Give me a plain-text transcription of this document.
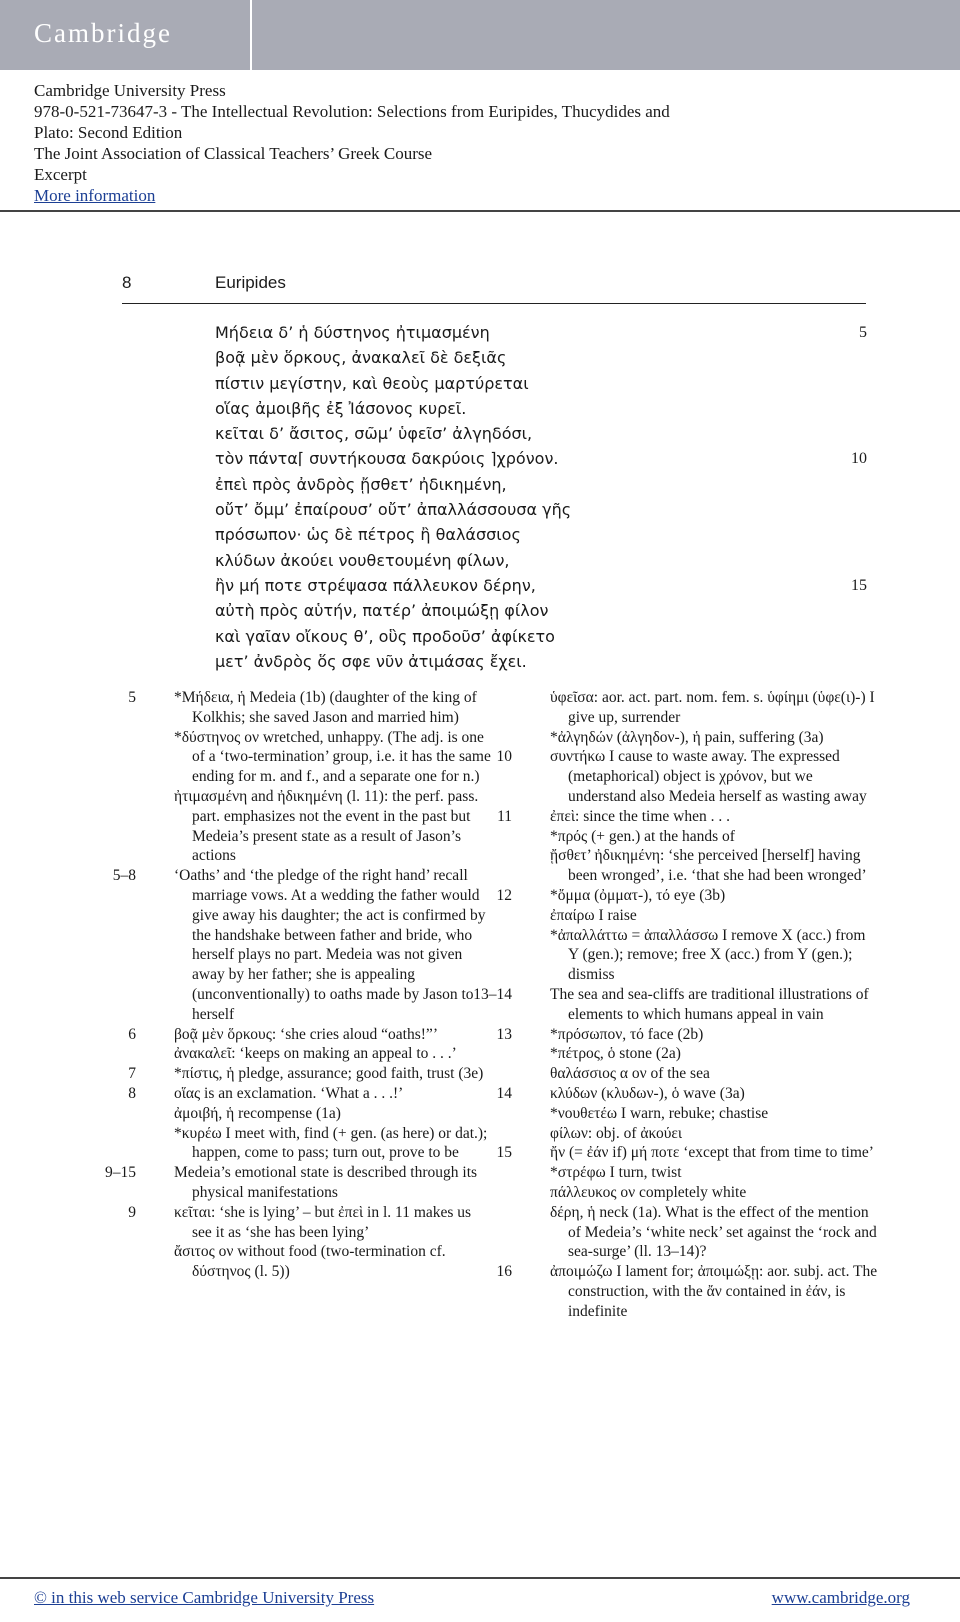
Cambridge
Cambridge University Press
978-0-521-73647-3 - The Intellectual Revolution: Selections from Euripides, Thucydides and
Plato: Second Edition
The Joint Association of Classical Teachers’ Greek Course
Excerpt
More information
8	Euripides
Μήδεια δ’ ἡ δύστηνος ἠτιμασμένη	5
βοᾷ μὲν ὅρκους, ἀνακαλεῖ δὲ δεξιᾶς
πίστιν μεγίστην, καὶ θεοὺς μαρτύρεται
οἵας ἀμοιβῆς ἐξ Ἰάσονος κυρεῖ.
κεῖται δ’ ἄσιτος, σῶμ’ ὑφεῖσ’ ἀλγηδόσι,
τὸν πάντα⌈ συντήκουσα δακρύοις ⌉χρόνον.	10
ἐπεὶ πρὸς ἀνδρὸς ᾔσθετ’ ἠδικημένη,
οὔτ’ ὄμμ’ ἐπαίρουσ’ οὔτ’ ἀπαλλάσσουσα γῆς
πρόσωπον· ὡς δὲ πέτρος ἢ θαλάσσιος
κλύδων ἀκούει νουθετουμένη φίλων,
ἢν μή ποτε στρέψασα πάλλευκον δέρην,	15
αὐτὴ πρὸς αὑτήν, πατέρ’ ἀποιμώξῃ φίλον
καὶ γαῖαν οἴκους θ’, οὓς προδοῦσ’ ἀφίκετο
μετ’ ἀνδρὸς ὅς σφε νῦν ἀτιμάσας ἔχει.
5 *Μήδεια, ἡ Medeia (1b) (daughter of the king of Kolkhis; she saved Jason and married him)
*δύστηνος ον wretched, unhappy. (The adj. is one of a ‘two-termination’ group, i.e. it has the same ending for m. and f., and a separate one for n.)
ἠτιμασμένη and ἠδικημένη (l. 11): the perf. pass. part. emphasizes not the event in the past but Medeia’s present state as a result of Jason’s actions
5–8 ‘Oaths’ and ‘the pledge of the right hand’ recall marriage vows. At a wedding the father would give away his daughter; the act is confirmed by the handshake between father and bride, who herself plays no part. Medeia was not given away by her father; she is appealing (unconventionally) to oaths made by Jason to herself
6 βοᾷ μὲν ὅρκους: ‘she cries aloud “oaths!”’
ἀνακαλεῖ: ‘keeps on making an appeal to . . .’
7 *πίστις, ἡ pledge, assurance; good faith, trust (3e)
8 οἵας is an exclamation. ‘What a . . .!’
ἀμοιβή, ἡ recompense (1a)
*κυρέω I meet with, find (+ gen. (as here) or dat.); happen, come to pass; turn out, prove to be
9–15 Medeia’s emotional state is described through its physical manifestations
9 κεῖται: ‘she is lying’ – but ἐπεὶ in l. 11 makes us see it as ‘she has been lying’
ἄσιτος ον without food (two-termination cf. δύστηνος (l. 5))
ὑφεῖσα: aor. act. part. nom. fem. s. ὑφίημι (ὑφε(ι)-) I give up, surrender
*ἀλγηδών (ἀλγηδον-), ἡ pain, suffering (3a)
10 συντήκω I cause to waste away. The expressed (metaphorical) object is χρόνον, but we understand also Medeia herself as wasting away
11 ἐπεὶ: since the time when . . .
*πρός (+ gen.) at the hands of
ᾔσθετ’ ἠδικημένη: ‘she perceived [herself] having been wronged’, i.e. ‘that she had been wronged’
12 *ὄμμα (ὀμματ-), τό eye (3b)
ἐπαίρω I raise
*ἀπαλλάττω = ἀπαλλάσσω I remove X (acc.) from Y (gen.); remove; free X (acc.) from Y (gen.); dismiss
13–14 The sea and sea-cliffs are traditional illustrations of elements to which humans appeal in vain
13 *πρόσωπον, τό face (2b)
*πέτρος, ὁ stone (2a)
θαλάσσιος α ον of the sea
14 κλύδων (κλυδων-), ὁ wave (3a)
*νουθετέω I warn, rebuke; chastise
φίλων: obj. of ἀκούει
15 ἤν (= ἐάν if) μή ποτε ‘except that from time to time’
*στρέφω I turn, twist
πάλλευκος ον completely white
δέρη, ἡ neck (1a). What is the effect of the mention of Medeia’s ‘white neck’ set against the ‘rock and sea-surge’ (ll. 13–14)?
16 ἀποιμώζω I lament for; ἀποιμώξῃ: aor. subj. act. The construction, with the ἄν contained in ἐάν, is indefinite
© in this web service Cambridge University Press	www.cambridge.org
